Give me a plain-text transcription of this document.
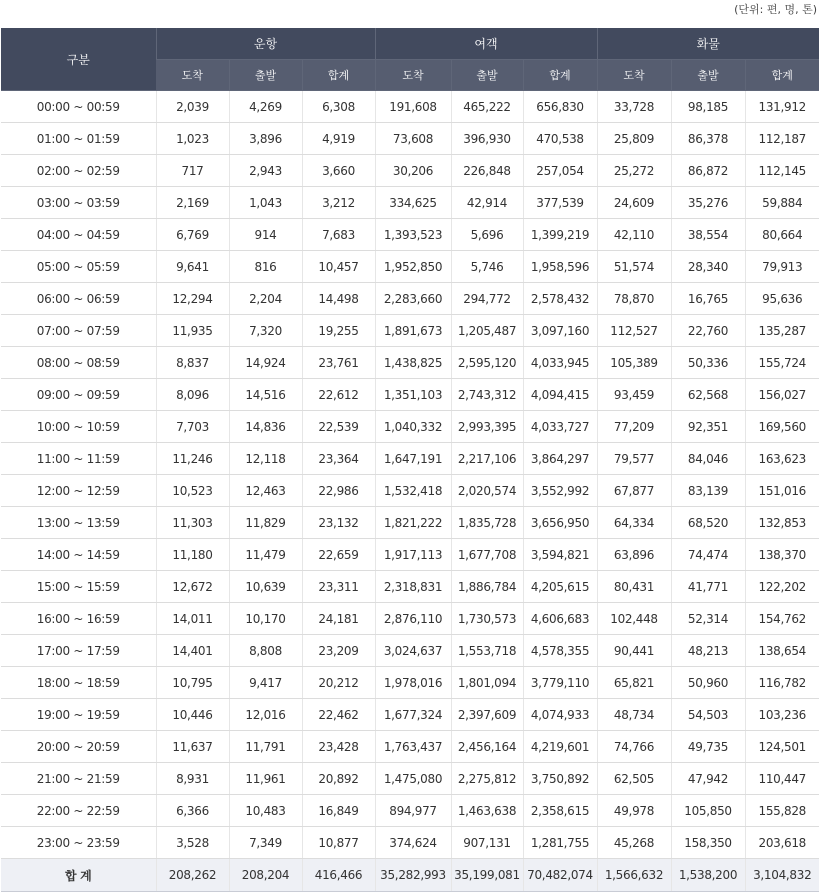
(단위: 편, 명, 톤)
구분	운항			여객			화물		
	도착	출발	합계	도착	출발	합계	도착	출발	합계
00:00 ~ 00:59	2,039	4,269	6,308	191,608	465,222	656,830	33,728	98,185	131,912
01:00 ~ 01:59	1,023	3,896	4,919	73,608	396,930	470,538	25,809	86,378	112,187
02:00 ~ 02:59	717	2,943	3,660	30,206	226,848	257,054	25,272	86,872	112,145
03:00 ~ 03:59	2,169	1,043	3,212	334,625	42,914	377,539	24,609	35,276	59,884
04:00 ~ 04:59	6,769	914	7,683	1,393,523	5,696	1,399,219	42,110	38,554	80,664
05:00 ~ 05:59	9,641	816	10,457	1,952,850	5,746	1,958,596	51,574	28,340	79,913
06:00 ~ 06:59	12,294	2,204	14,498	2,283,660	294,772	2,578,432	78,870	16,765	95,636
07:00 ~ 07:59	11,935	7,320	19,255	1,891,673	1,205,487	3,097,160	112,527	22,760	135,287
08:00 ~ 08:59	8,837	14,924	23,761	1,438,825	2,595,120	4,033,945	105,389	50,336	155,724
09:00 ~ 09:59	8,096	14,516	22,612	1,351,103	2,743,312	4,094,415	93,459	62,568	156,027
10:00 ~ 10:59	7,703	14,836	22,539	1,040,332	2,993,395	4,033,727	77,209	92,351	169,560
11:00 ~ 11:59	11,246	12,118	23,364	1,647,191	2,217,106	3,864,297	79,577	84,046	163,623
12:00 ~ 12:59	10,523	12,463	22,986	1,532,418	2,020,574	3,552,992	67,877	83,139	151,016
13:00 ~ 13:59	11,303	11,829	23,132	1,821,222	1,835,728	3,656,950	64,334	68,520	132,853
14:00 ~ 14:59	11,180	11,479	22,659	1,917,113	1,677,708	3,594,821	63,896	74,474	138,370
15:00 ~ 15:59	12,672	10,639	23,311	2,318,831	1,886,784	4,205,615	80,431	41,771	122,202
16:00 ~ 16:59	14,011	10,170	24,181	2,876,110	1,730,573	4,606,683	102,448	52,314	154,762
17:00 ~ 17:59	14,401	8,808	23,209	3,024,637	1,553,718	4,578,355	90,441	48,213	138,654
18:00 ~ 18:59	10,795	9,417	20,212	1,978,016	1,801,094	3,779,110	65,821	50,960	116,782
19:00 ~ 19:59	10,446	12,016	22,462	1,677,324	2,397,609	4,074,933	48,734	54,503	103,236
20:00 ~ 20:59	11,637	11,791	23,428	1,763,437	2,456,164	4,219,601	74,766	49,735	124,501
21:00 ~ 21:59	8,931	11,961	20,892	1,475,080	2,275,812	3,750,892	62,505	47,942	110,447
22:00 ~ 22:59	6,366	10,483	16,849	894,977	1,463,638	2,358,615	49,978	105,850	155,828
23:00 ~ 23:59	3,528	7,349	10,877	374,624	907,131	1,281,755	45,268	158,350	203,618
합 계	208,262	208,204	416,466	35,282,993	35,199,081	70,482,074	1,566,632	1,538,200	3,104,832
